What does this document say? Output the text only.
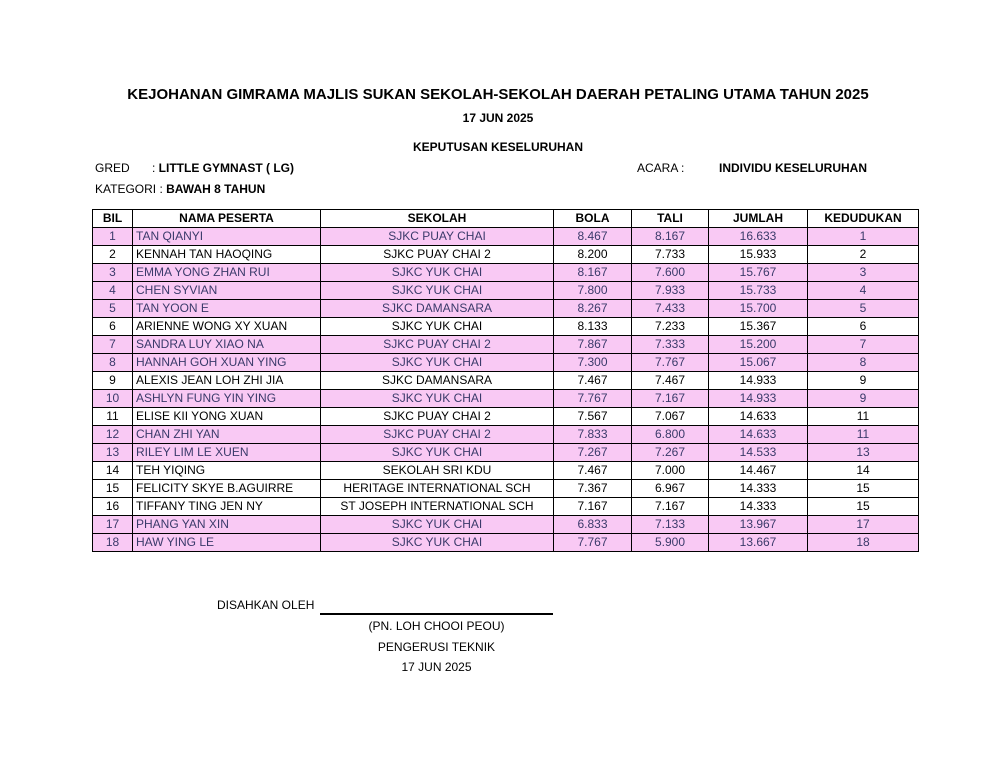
KEJOHANAN GIMRAMA MAJLIS SUKAN SEKOLAH-SEKOLAH DAERAH PETALING UTAMA TAHUN 2025
17 JUN 2025
KEPUTUSAN KESELURUHAN
GRED : LITTLE GYMNAST ( LG)	ACARA :	INDIVIDU KESELURUHAN
KATEGORI : BAWAH 8 TAHUN
BIL	NAMA PESERTA	SEKOLAH	BOLA	TALI	JUMLAH	KEDUDUKAN
1	TAN QIANYI	SJKC PUAY CHAI	8.467	8.167	16.633	1
2	KENNAH TAN HAOQING	SJKC PUAY CHAI 2	8.200	7.733	15.933	2
3	EMMA YONG ZHAN RUI	SJKC YUK CHAI	8.167	7.600	15.767	3
4	CHEN SYVIAN	SJKC YUK CHAI	7.800	7.933	15.733	4
5	TAN YOON E	SJKC DAMANSARA	8.267	7.433	15.700	5
6	ARIENNE WONG XY XUAN	SJKC YUK CHAI	8.133	7.233	15.367	6
7	SANDRA LUY XIAO NA	SJKC PUAY CHAI 2	7.867	7.333	15.200	7
8	HANNAH GOH XUAN YING	SJKC YUK CHAI	7.300	7.767	15.067	8
9	ALEXIS JEAN LOH ZHI JIA	SJKC DAMANSARA	7.467	7.467	14.933	9
10	ASHLYN FUNG YIN YING	SJKC YUK CHAI	7.767	7.167	14.933	9
11	ELISE KII YONG XUAN	SJKC PUAY CHAI 2	7.567	7.067	14.633	11
12	CHAN ZHI YAN	SJKC PUAY CHAI 2	7.833	6.800	14.633	11
13	RILEY LIM LE XUEN	SJKC YUK CHAI	7.267	7.267	14.533	13
14	TEH YIQING	SEKOLAH SRI KDU	7.467	7.000	14.467	14
15	FELICITY SKYE B.AGUIRRE	HERITAGE INTERNATIONAL SCH	7.367	6.967	14.333	15
16	TIFFANY TING JEN NY	ST JOSEPH INTERNATIONAL SCH	7.167	7.167	14.333	15
17	PHANG YAN XIN	SJKC YUK CHAI	6.833	7.133	13.967	17
18	HAW YING LE	SJKC YUK CHAI	7.767	5.900	13.667	18
DISAHKAN OLEH
(PN. LOH CHOOI PEOU)
PENGERUSI TEKNIK
17 JUN 2025
